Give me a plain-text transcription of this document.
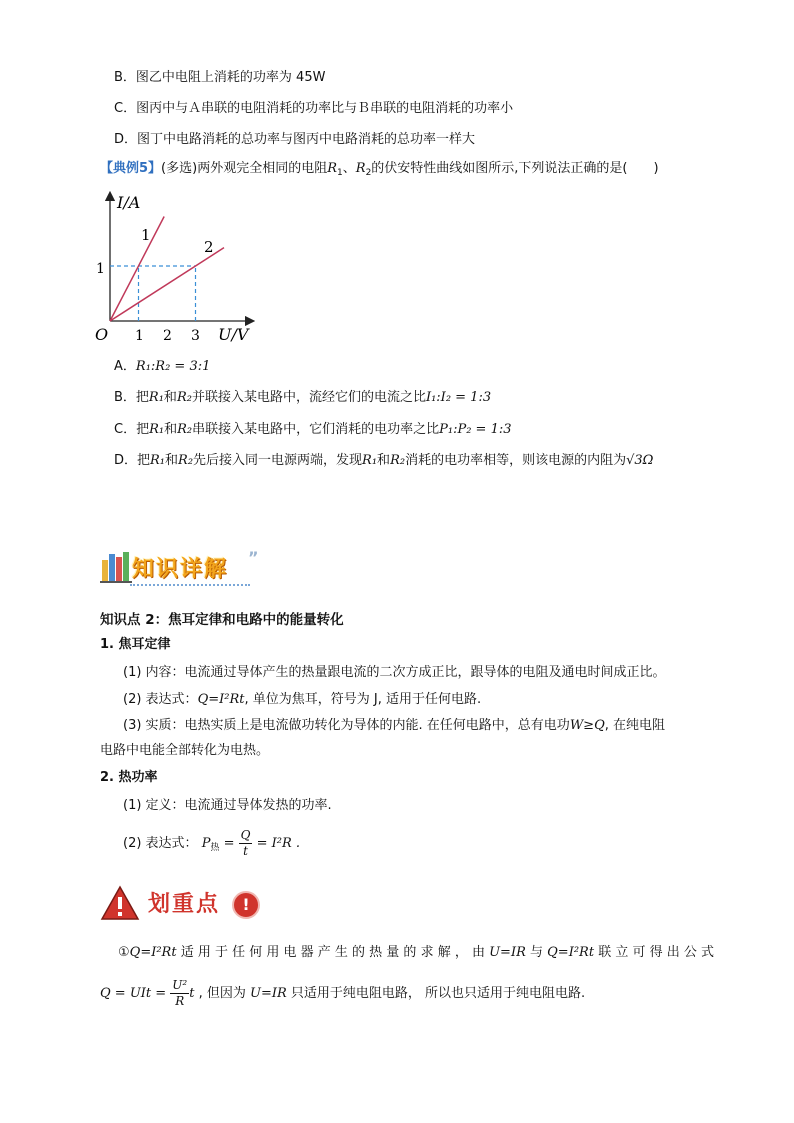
B．图乙中电阻上消耗的功率为 45W
C．图丙中与Ａ串联的电阻消耗的功率比与Ｂ串联的电阻消耗的功率小
D．图丁中电路消耗的总功率与图丙中电路消耗的总功率一样大
【典例5】(多选)两外观完全相同的电阻$R_1$、$R_2$的伏安特性曲线如图所示,下列说法正确的是(　　)
I/A
U/V
O 1 2 3
1
1
2
A．R₁:R₂ = 3:1
B．把R₁和R₂并联接入某电路中，流经它们的电流之比I₁:I₂ = 1:3
C．把R₁和R₂串联接入某电路中，它们消耗的电功率之比P₁:P₂ = 1:3
D．把R₁和R₂先后接入同一电源两端，发现R₁和R₂消耗的电功率相等，则该电源的内阻为√3Ω
知识详解 ”
知识点 2：焦耳定律和电路中的能量转化
1. 焦耳定律
(1) 内容：电流通过导体产生的热量跟电流的二次方成正比，跟导体的电阻及通电时间成正比。
(2) 表达式：Q=I²Rt, 单位为焦耳，符号为 J, 适用于任何电路.
(3) 实质：电热实质上是电流做功转化为导体的内能. 在任何电路中，总有电功W≥Q, 在纯电阻
电路中电能全部转化为电热。
2. 热功率
(1) 定义：电流通过导体发热的功率.
(2) 表达式： $P_热 = \frac{Q}{t} = I^2R$ .
划重点	!
①Q=I²Rt 适 用 于 任 何 用 电 器 产 生 的 热 量 的 求 解 ， 由 U=IR 与 Q=I²Rt 联 立 可 得 出 公 式
Q = UIt = $\frac{\text{U²}}{R}$ t , 但因为 U=IR 只适用于纯电阻电路， 所以也只适用于纯电阻电路.
